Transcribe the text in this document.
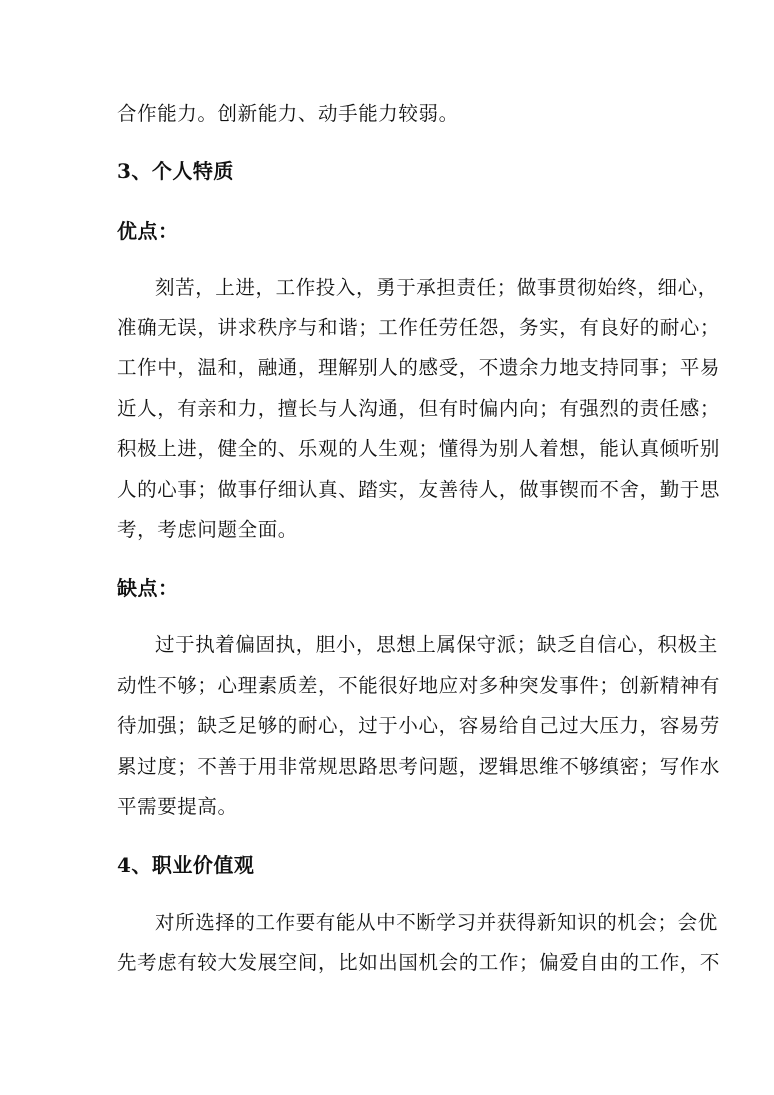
合作能力。创新能力、动手能力较弱。
3、个人特质
优点：
刻苦，上进，工作投入，勇于承担责任；做事贯彻始终，细心，
准确无误，讲求秩序与和谐；工作任劳任怨，务实，有良好的耐心；
工作中，温和，融通，理解别人的感受，不遗余力地支持同事；平易
近人，有亲和力，擅长与人沟通，但有时偏内向；有强烈的责任感；
积极上进，健全的、乐观的人生观；懂得为别人着想，能认真倾听别
人的心事；做事仔细认真、踏实，友善待人，做事锲而不舍，勤于思
考，考虑问题全面。
缺点：
过于执着偏固执，胆小，思想上属保守派；缺乏自信心，积极主
动性不够；心理素质差，不能很好地应对多种突发事件；创新精神有
待加强；缺乏足够的耐心，过于小心，容易给自己过大压力，容易劳
累过度；不善于用非常规思路思考问题，逻辑思维不够缜密；写作水
平需要提高。
4、职业价值观
对所选择的工作要有能从中不断学习并获得新知识的机会；会优
先考虑有较大发展空间，比如出国机会的工作；偏爱自由的工作，不
